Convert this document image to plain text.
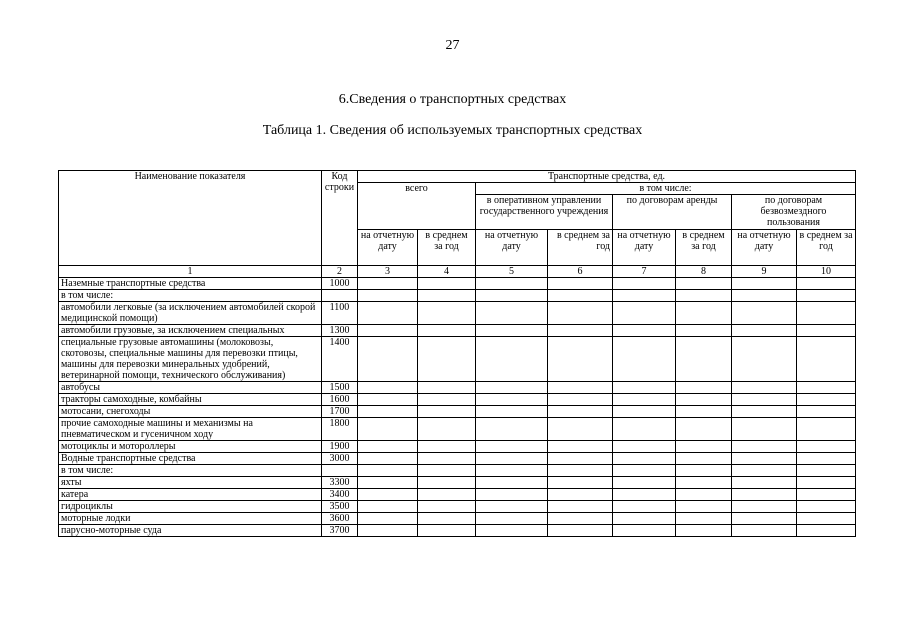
27
6.Сведения о транспортных средствах
Таблица 1. Сведения об используемых транспортных средствах
Наименование показателя	Код строки	Транспортные средства, ед.							
		всего		в том числе:					
				в оперативном управлении государственного учреждения		по договорам аренды		по договорам безвозмездного пользования	
		на отчетную дату	в среднем за год	на отчетную дату	в среднем за год	на отчетную дату	в среднем за год	на отчетную дату	в среднем за год
1	2	3	4	5	6	7	8	9	10
Наземные транспортные средства	1000								
в том числе:									
автомобили легковые (за исключением автомобилей скорой медицинской помощи)	1100								
автомобили грузовые, за исключением специальных	1300								
специальные грузовые автомашины (молоковозы, скотовозы, специальные машины для перевозки птицы, машины для перевозки минеральных удобрений, ветеринарной помощи, технического обслуживания)	1400								
автобусы	1500								
тракторы самоходные, комбайны	1600								
мотосани, снегоходы	1700								
прочие самоходные машины и механизмы на пневматическом и гусеничном ходу	1800								
мотоциклы и мотороллеры	1900								
Водные транспортные средства	3000								
в том числе:									
яхты	3300								
катера	3400								
гидроциклы	3500								
моторные лодки	3600								
парусно-моторные суда	3700								
